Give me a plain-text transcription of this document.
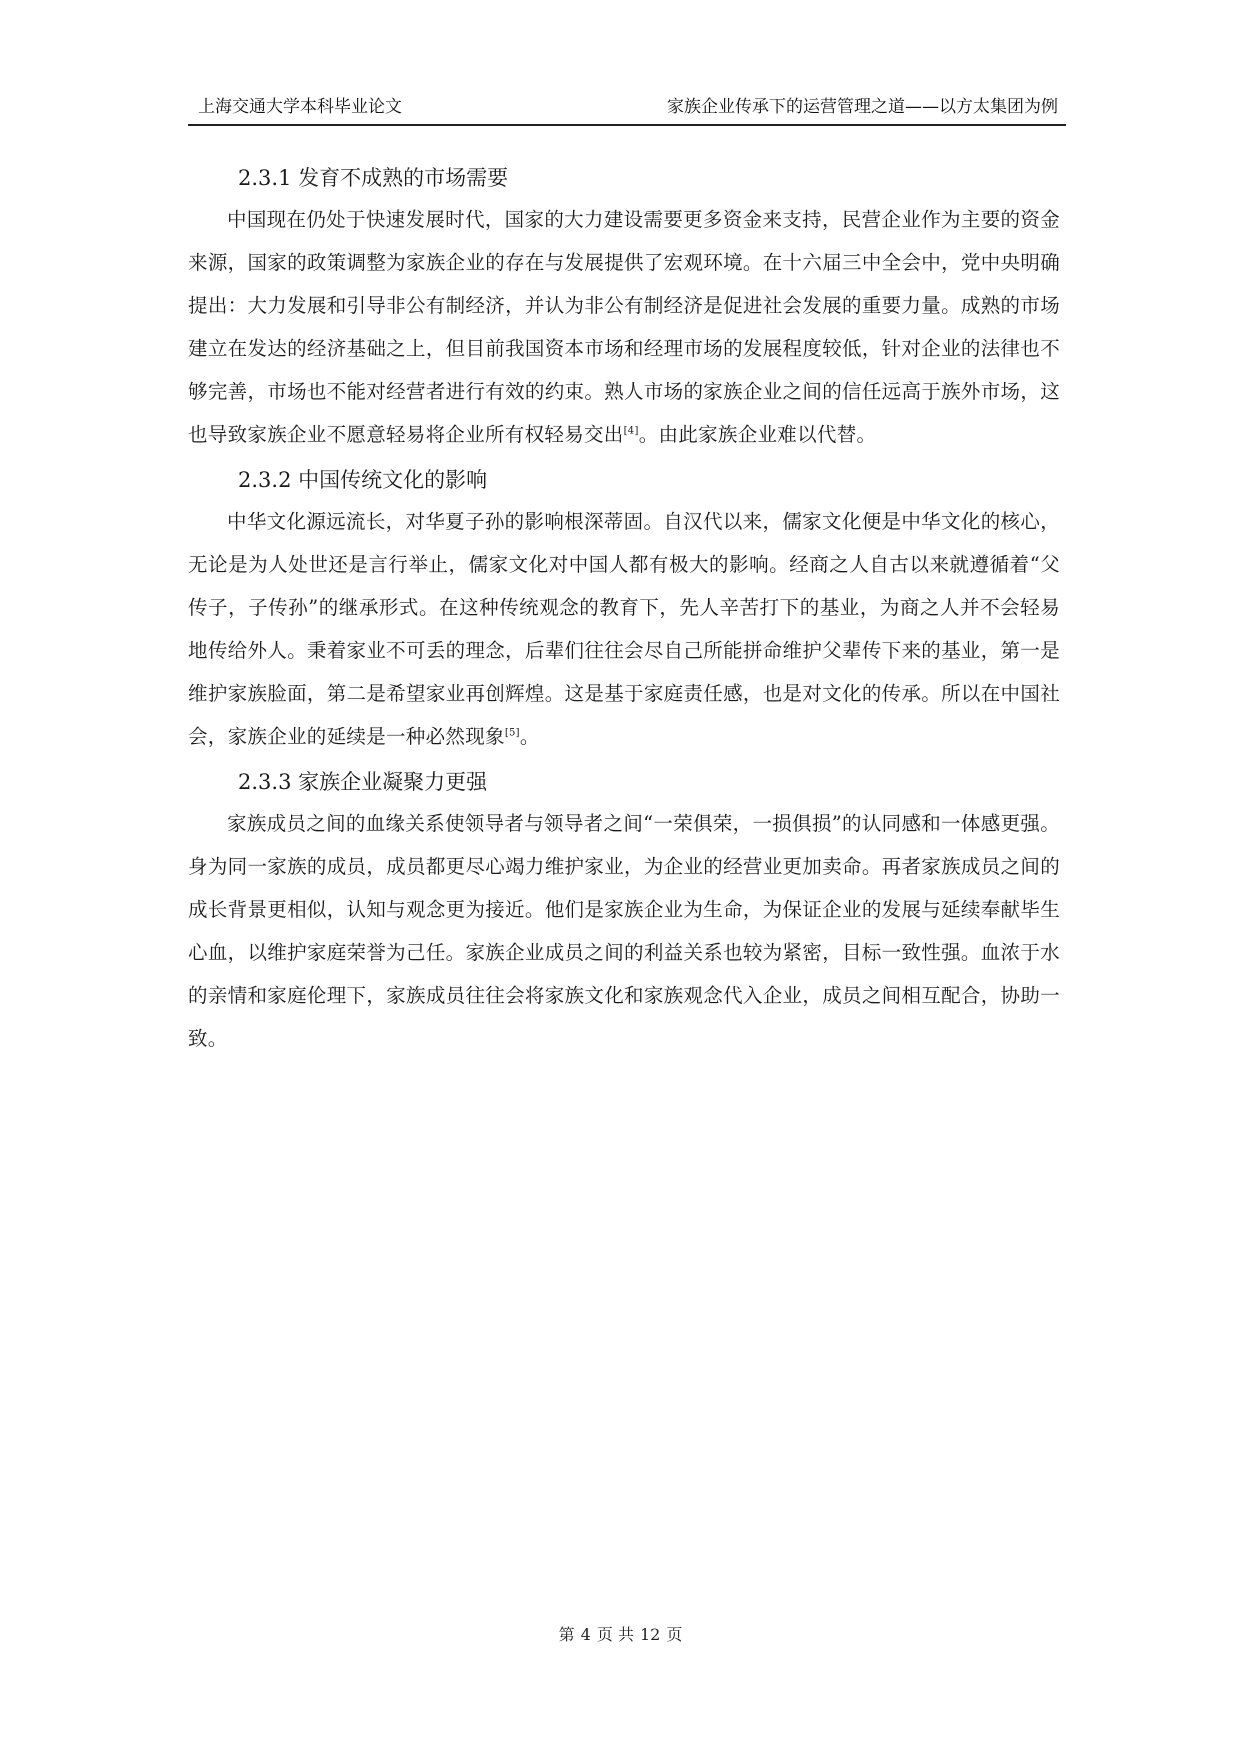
上海交通大学本科毕业论文	家族企业传承下的运营管理之道——以方太集团为例

2.3.1 发育不成熟的市场需要

中国现在仍处于快速发展时代，国家的大力建设需要更多资金来支持，民营企业作为主要的资金来源，国家的政策调整为家族企业的存在与发展提供了宏观环境。在十六届三中全会中，党中央明确提出：大力发展和引导非公有制经济，并认为非公有制经济是促进社会发展的重要力量。成熟的市场建立在发达的经济基础之上，但目前我国资本市场和经理市场的发展程度较低，针对企业的法律也不够完善，市场也不能对经营者进行有效的约束。熟人市场的家族企业之间的信任远高于族外市场，这也导致家族企业不愿意轻易将企业所有权轻易交出[4]。由此家族企业难以代替。

2.3.2 中国传统文化的影响

中华文化源远流长，对华夏子孙的影响根深蒂固。自汉代以来，儒家文化便是中华文化的核心，无论是为人处世还是言行举止，儒家文化对中国人都有极大的影响。经商之人自古以来就遵循着“父传子，子传孙”的继承形式。在这种传统观念的教育下，先人辛苦打下的基业，为商之人并不会轻易地传给外人。秉着家业不可丢的理念，后辈们往往会尽自己所能拼命维护父辈传下来的基业，第一是维护家族脸面，第二是希望家业再创辉煌。这是基于家庭责任感，也是对文化的传承。所以在中国社会，家族企业的延续是一种必然现象[5]。

2.3.3 家族企业凝聚力更强

家族成员之间的血缘关系使领导者与领导者之间“一荣俱荣，一损俱损”的认同感和一体感更强。身为同一家族的成员，成员都更尽心竭力维护家业，为企业的经营业更加卖命。再者家族成员之间的成长背景更相似，认知与观念更为接近。他们是家族企业为生命，为保证企业的发展与延续奉献毕生心血，以维护家庭荣誉为己任。家族企业成员之间的利益关系也较为紧密，目标一致性强。血浓于水的亲情和家庭伦理下，家族成员往往会将家族文化和家族观念代入企业，成员之间相互配合，协助一致。

第 4 页 共 12 页
